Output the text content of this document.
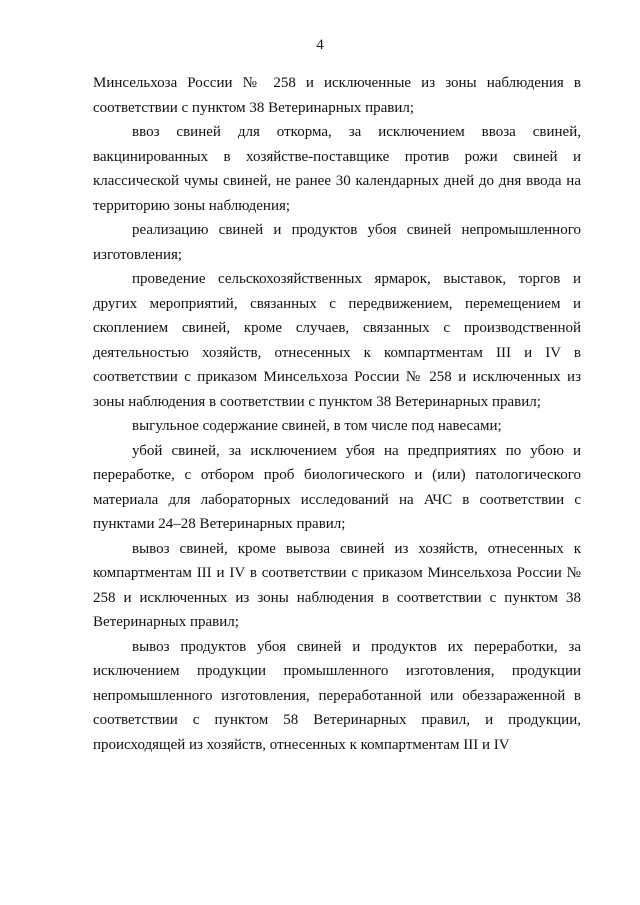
4

Минсельхоза России № 258 и исключенные из зоны наблюдения в соответствии с пунктом 38 Ветеринарных правил;

ввоз свиней для откорма, за исключением ввоза свиней, вакцинированных в хозяйстве-поставщике против рожи свиней и классической чумы свиней, не ранее 30 календарных дней до дня ввода на территорию зоны наблюдения;

реализацию свиней и продуктов убоя свиней непромышленного изготовления;

проведение сельскохозяйственных ярмарок, выставок, торгов и других мероприятий, связанных с передвижением, перемещением и скоплением свиней, кроме случаев, связанных с производственной деятельностью хозяйств, отнесенных к компартментам III и IV в соответствии с приказом Минсельхоза России № 258 и исключенных из зоны наблюдения в соответствии с пунктом 38 Ветеринарных правил;

выгульное содержание свиней, в том числе под навесами;

убой свиней, за исключением убоя на предприятиях по убою и переработке, с отбором проб биологического и (или) патологического материала для лабораторных исследований на АЧС в соответствии с пунктами 24–28 Ветеринарных правил;

вывоз свиней, кроме вывоза свиней из хозяйств, отнесенных к компартментам III и IV в соответствии с приказом Минсельхоза России № 258 и исключенных из зоны наблюдения в соответствии с пунктом 38 Ветеринарных правил;

вывоз продуктов убоя свиней и продуктов их переработки, за исключением продукции промышленного изготовления, продукции непромышленного изготовления, переработанной или обеззараженной в соответствии с пунктом 58 Ветеринарных правил, и продукции, происходящей из хозяйств, отнесенных к компартментам III и IV
